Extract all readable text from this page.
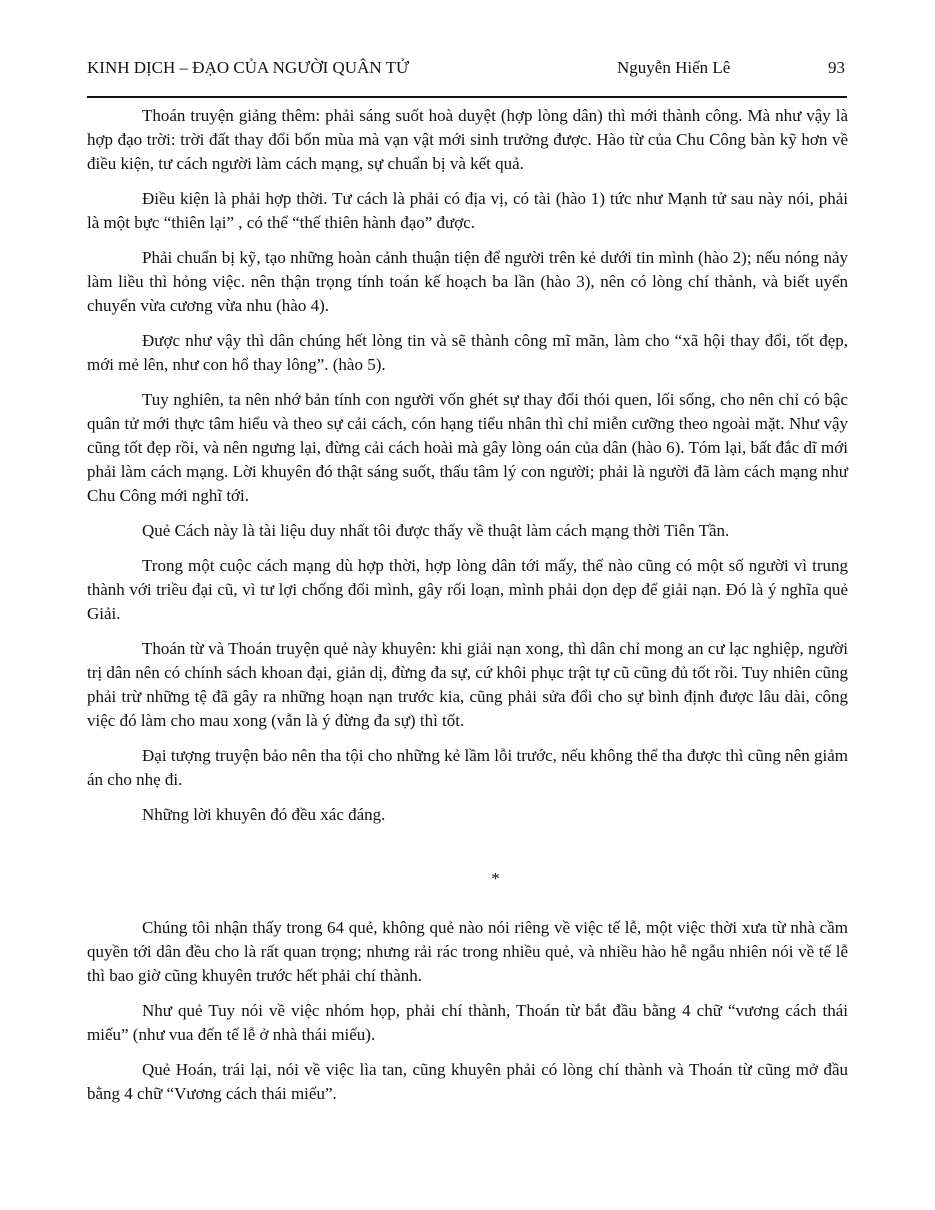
KINH DỊCH – ĐẠO CỦA NGƯỜI QUÂN TỬ	Nguyễn Hiến Lê	93

Thoán truyện giảng thêm: phải sáng suốt hoà duyệt (hợp lòng dân) thì mới thành công. Mà như vậy là hợp đạo trời: trời đất thay đổi bốn mùa mà vạn vật mới sinh trưởng được. Hào từ của Chu Công bàn kỹ hơn về điều kiện, tư cách người làm cách mạng, sự chuẩn bị và kết quả.

Điều kiện là phải hợp thời. Tư cách là phải có địa vị, có tài (hào 1) tức như Mạnh tử sau này nói, phải là một bực “thiên lại” , có thể “thế thiên hành đạo” được.

Phải chuẩn bị kỹ, tạo những hoàn cảnh thuận tiện để người trên kẻ dưới tin mình (hào 2); nếu nóng nảy làm liều thì hỏng việc. nên thận trọng tính toán kế hoạch ba lần (hào 3), nên có lòng chí thành, và biết uyển chuyển vừa cương vừa nhu (hào 4).

Được như vậy thì dân chúng hết lòng tin và sẽ thành công mĩ mãn, làm cho “xã hội thay đổi, tốt đẹp, mới mẻ lên, như con hổ thay lông”. (hào 5).

Tuy nghiên, ta nên nhớ bản tính con người vốn ghét sự thay đổi thói quen, lối sống, cho nên chỉ có bậc quân tử mới thực tâm hiểu và theo sự cải cách, cón hạng tiểu nhân thì chỉ miễn cưỡng theo ngoài mặt. Như vậy cũng tốt đẹp rồi, và nên ngưng lại, đừng cải cách hoài mà gây lòng oán của dân (hào 6). Tóm lại, bất đắc dĩ mới phải làm cách mạng. Lời khuyên đó thật sáng suốt, thấu tâm lý con người; phải là người đã làm cách mạng như Chu Công mới nghĩ tới.

Quẻ Cách này là tài liệu duy nhất tôi được thấy về thuật làm cách mạng thời Tiên Tần.

Trong một cuộc cách mạng dù hợp thời, hợp lòng dân tới mấy, thế nào cũng có một số người vì trung thành với triều đại cũ, vì tư lợi chống đối mình, gây rối loạn, mình phải dọn dẹp để giải nạn. Đó là ý nghĩa quẻ Giải.

Thoán từ và Thoán truyện quẻ này khuyên: khi giải nạn xong, thì dân chỉ mong an cư lạc nghiệp, người trị dân nên có chính sách khoan đại, giản dị, đừng đa sự, cứ khôi phục trật tự cũ cũng đủ tốt rồi. Tuy nhiên cũng phải trừ những tệ đã gây ra những hoạn nạn trước kia, cũng phải sửa đổi cho sự bình định được lâu dài, công việc đó làm cho mau xong (vẫn là ý đừng đa sự) thì tốt.

Đại tượng truyện bảo nên tha tội cho những kẻ lầm lỗi trước, nếu không thể tha được thì cũng nên giảm án cho nhẹ đi.

Những lời khuyên đó đều xác đáng.

*

Chúng tôi nhận thấy trong 64 quẻ, không quẻ nào nói riêng về việc tế lễ, một việc thời xưa từ nhà cầm quyền tới dân đều cho là rất quan trọng; nhưng rải rác trong nhiều quẻ, và nhiều hào hễ ngẫu nhiên nói về tế lễ thì bao giờ cũng khuyên trước hết phải chí thành.

Như quẻ Tuy nói về việc nhóm họp, phải chí thành, Thoán từ bắt đầu bằng 4 chữ “vương cách thái miếu” (như vua đến tế lễ ở nhà thái miếu).

Quẻ Hoán, trái lại, nói về việc lìa tan, cũng khuyên phải có lòng chí thành và Thoán từ cũng mở đầu bằng 4 chữ “Vương cách thái miếu”.
